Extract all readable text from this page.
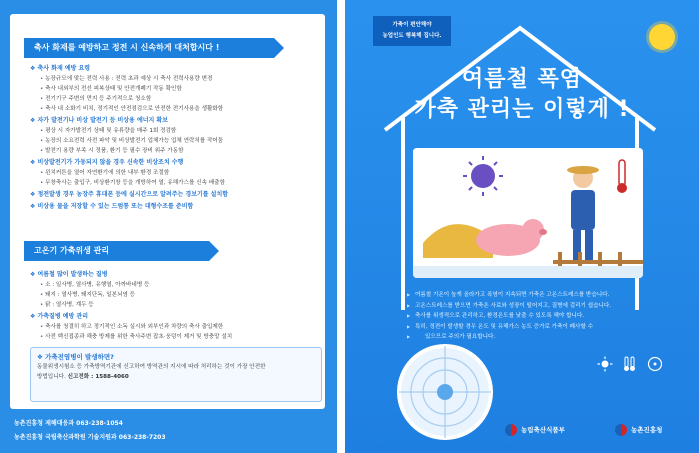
축사 화재를 예방하고 정전 시 신속하게 대처합시다 !
❖ 축사 화재 예방 요령
• 농장규모에 맞는 전력 사용 : 전력 초과 예상 시 축사 전력사용량 변경
• 축사 내외부의 전선 피복상태 및 안전개폐기 작동 확인함
• 전기기구 주변의 먼지 등 주기적으로 청소함
• 축사 내 소화기 비치, 정기적인 안전점검으로 안전한 전기사용을 생활화함
❖ 자가 발전기나 비상 발전기 등 비상용 에너지 확보
• 평상 시 자가발전기 상태 및 유류량을 매주 1회 정검함
• 농장의 소요전력 사전 파악 및 비상발전기 업체가능 업체 연락처를 작어둠
• 발전기 용량 부족 시 정품, 환기 등 필수 장비 위주 가동함
❖ 비상발전기가 가동되지 않을 경우 신속한 비상조치 수행
• 윈치커튼을 열어 자연환기에 의한 내부 환경 조절함
• 무창축사는 출입구, 비상환기창 등을 개방하여 열, 유해가스를 신속 배출함
❖ 정전발생 경우 농장주 휴대폰 등에 실시간으로 알려주는 경보기를 설치함
❖ 비상용 물을 저장할 수 있는 드럼통 또는 대형수조를 준비함
고온기 가축위생 관리
❖ 여름철 많이 발생하는 질병
• 소 : 일사병, 열사병, 유행열, 아까바네병 등
• 돼지 : 열사병, 돼지단독, 일본뇌염 등
• 닭 : 열사병, 계두 등
❖ 가축질병 예방 관리
• 축사를 청결히 하고 정기적인 소독 실시와 외부인과 차량의 축사 출입제한
• 사전 백신접종과 해충 방제를 위한 축사주변 잡초·웅덩이 제거 및 방충망 설치
❖ 가축전염병이 발생하면?
동물위생시험소 등 가축방역기관에 신고하여 방역관의 지시에 따라 처리하는 것이 가장 안전한
방법입니다. 신고전화 : 1588-4060
농촌진흥청 재해대응과 063-238-1054
농촌진흥청 국립축산과학원 기술지원과 063-238-7203
가축이 편안해야
농업인도 행복해 집니다.
여름철 폭염
가축 관리는 이렇게 !
▶ 여름철 기온이 높게 올라가고 폭염이 지속되면 가축은 고온스트레스를 받습니다.
▶ 고온스트레스를 받으면 가축은 사료와 성장이 떨어지고, 질병에 걸리기 쉽습니다.
▶ 축사를 위생적으로 관리하고, 환경온도를 낮출 수 있도록 해야 합니다.
▶ 특히, 정전이 발생할 경우 온도 및 유해가스 농도 증가로 가축이 폐사할 수
▶ 있으므로 주의가 필요합니다.
농림축산식품부	농촌진흥청
